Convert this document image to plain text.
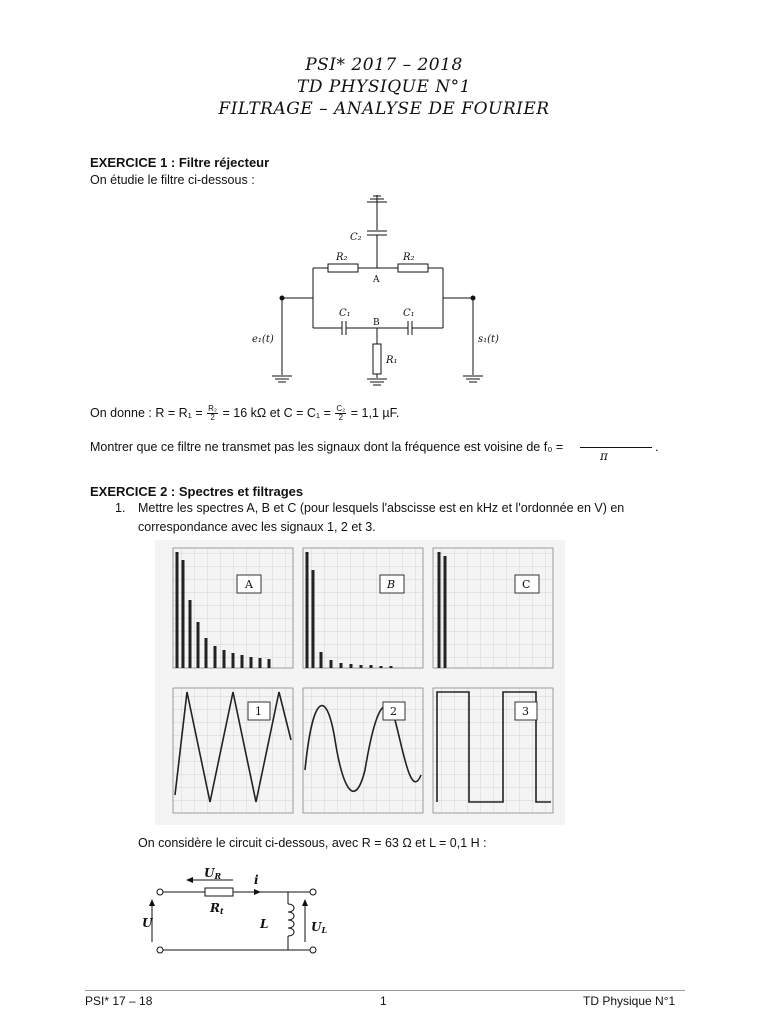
PSI* 2017 – 2018
TD PHYSIQUE N°1
FILTRAGE – ANALYSE DE FOURIER
EXERCICE 1 : Filtre réjecteur
On étudie le filtre ci-dessous :
C₂
R₂	R₂
C₁	C₁
R₁
e₁(t)	s₁(t)
A
B
On donne : $R = R_1 = \frac{\text{R₂}}{2} = 16$ kΩ et $C = C_1 = \frac{\text{C₂}}{2} = 1,1$ µF.
Montrer que ce filtre ne transmet pas les signaux dont la fréquence est voisine de f₀ =	.
π
EXERCICE 2 : Spectres et filtrages
1. Mettre les spectres A, B et C (pour lesquels l'abscisse est en kHz et l'ordonnée en V) en
correspondance avec les signaux 1, 2 et 3.
A	B	C
1	2	3
On considère le circuit ci-dessous, avec R = 63 Ω et L = 0,1 H :
UR	i
Rt
U	L	UL
PSI* 17 – 18	1	TD Physique N°1
